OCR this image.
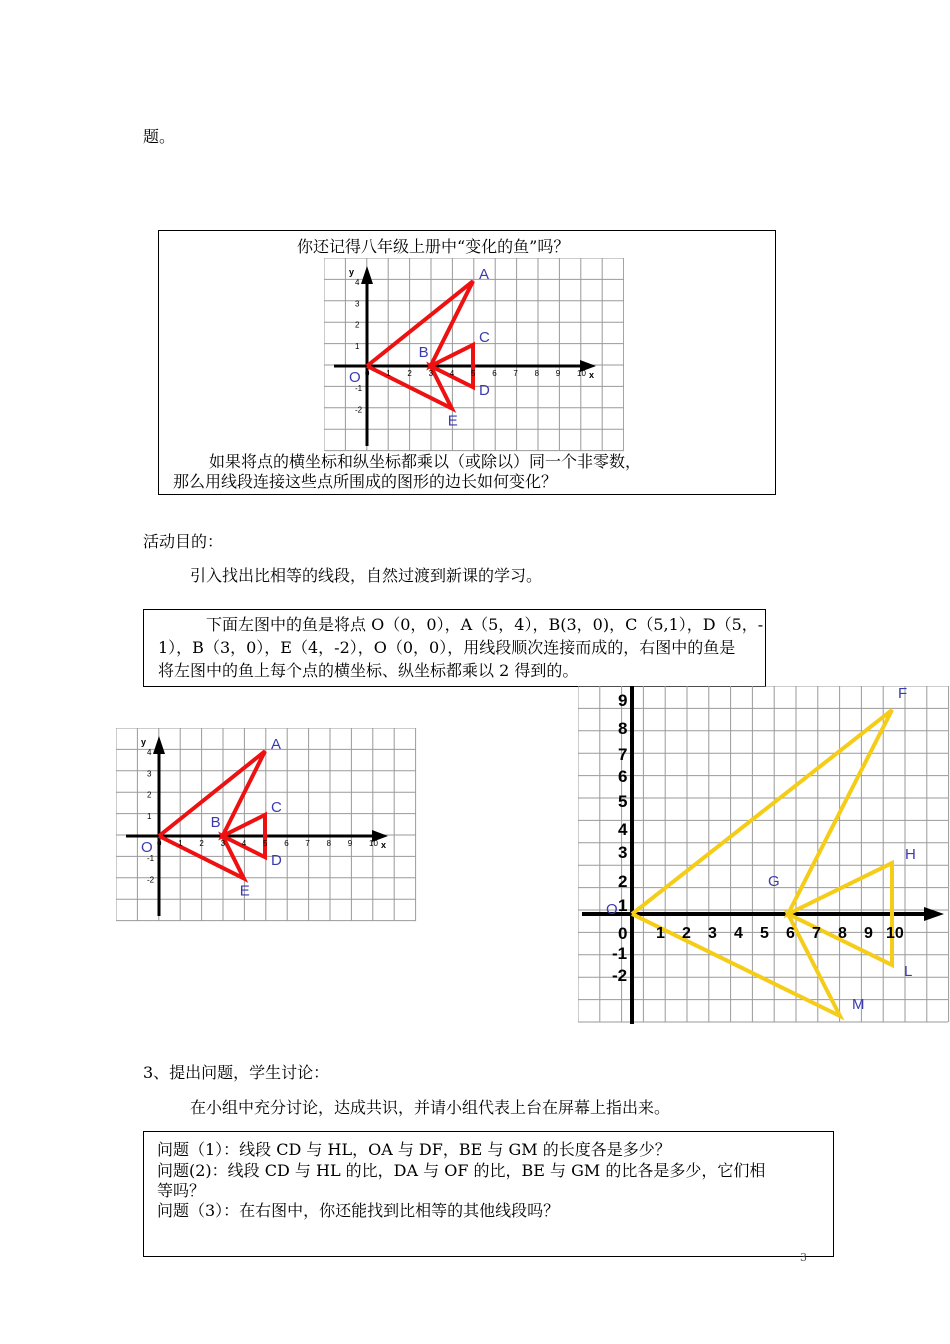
题。
你还记得八年级上册中“变化的鱼”吗？
0 1 2 3 4 5 6 7 8 9 10
4
3
2
1
-1
-2
x
y	A
B
C
D
E
O
如果将点的横坐标和纵坐标都乘以（或除以）同一个非零数，
那么用线段连接这些点所围成的图形的边长如何变化？
活动目的：
引入找出比相等的线段，自然过渡到新课的学习。
下面左图中的鱼是将点 O（0，0），A（5，4），B(3，0)，C（5,1），D（5，-
1），B（3，0），E（4，-2），O（0，0），用线段顺次连接而成的，右图中的鱼是
将左图中的鱼上每个点的横坐标、纵坐标都乘以 2 得到的。
0 1 2 3 4 5 6 7 8 9 10
4
3
2
1
-1
-2
x
y	A
B
C
D
E
O
1 2 3 4 5 6 7 8 9 10
9
8
7
6
5
4
3
2
1
0
-1
-2
F
G
H
L
M
O
3、提出问题，学生讨论：
在小组中充分讨论，达成共识，并请小组代表上台在屏幕上指出来。
问题（1）：线段 CD 与 HL，OA 与 DF，BE 与 GM 的长度各是多少？
问题(2)：线段 CD 与 HL 的比，DA 与 OF 的比，BE 与 GM 的比各是多少，它们相
等吗？
问题（3）：在右图中，你还能找到比相等的其他线段吗？
3
